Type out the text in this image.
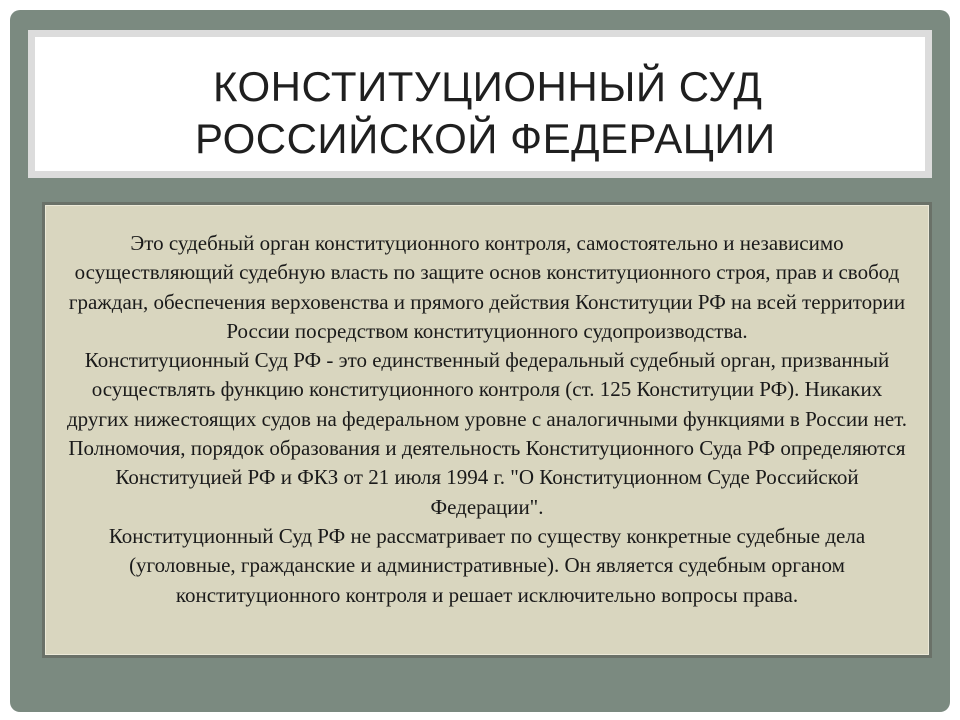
КОНСТИТУЦИОННЫЙ СУД
РОССИЙСКОЙ ФЕДЕРАЦИИ

Это судебный орган конституционного контроля, самостоятельно и независимо осуществляющий судебную власть по защите основ конституционного строя, прав и свобод граждан, обеспечения верховенства и прямого действия Конституции РФ на всей территории России посредством конституционного судопроизводства.

Конституционный Суд РФ - это единственный федеральный судебный орган, призванный осуществлять функцию конституционного контроля (ст. 125 Конституции РФ). Никаких других нижестоящих судов на федеральном уровне с аналогичными функциями в России нет.

Полномочия, порядок образования и деятельность Конституционного Суда РФ определяются Конституцией РФ и ФКЗ от 21 июля 1994 г. "О Конституционном Суде Российской Федерации".

Конституционный Суд РФ не рассматривает по существу конкретные судебные дела (уголовные, гражданские и административные). Он является судебным органом конституционного контроля и решает исключительно вопросы права.
